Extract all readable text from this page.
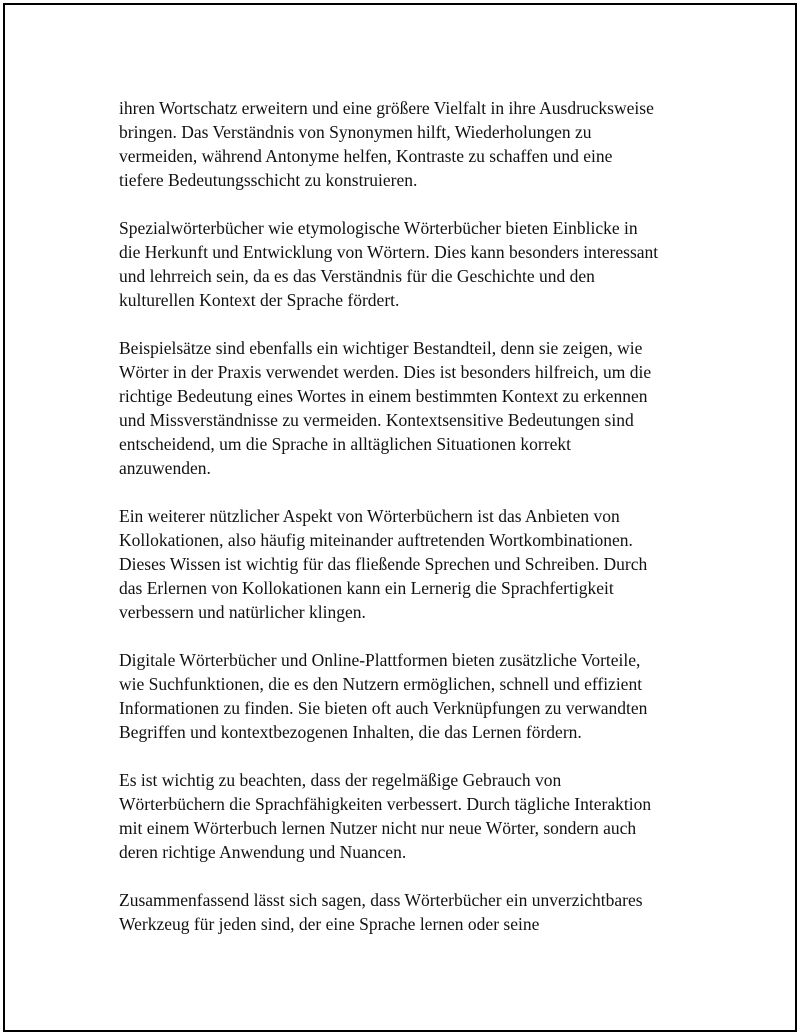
ihren Wortschatz erweitern und eine größere Vielfalt in ihre Ausdrucksweise
bringen. Das Verständnis von Synonymen hilft, Wiederholungen zu
vermeiden, während Antonyme helfen, Kontraste zu schaffen und eine
tiefere Bedeutungsschicht zu konstruieren.

Spezialwörterbücher wie etymologische Wörterbücher bieten Einblicke in
die Herkunft und Entwicklung von Wörtern. Dies kann besonders interessant
und lehrreich sein, da es das Verständnis für die Geschichte und den
kulturellen Kontext der Sprache fördert.

Beispielsätze sind ebenfalls ein wichtiger Bestandteil, denn sie zeigen, wie
Wörter in der Praxis verwendet werden. Dies ist besonders hilfreich, um die
richtige Bedeutung eines Wortes in einem bestimmten Kontext zu erkennen
und Missverständnisse zu vermeiden. Kontextsensitive Bedeutungen sind
entscheidend, um die Sprache in alltäglichen Situationen korrekt
anzuwenden.

Ein weiterer nützlicher Aspekt von Wörterbüchern ist das Anbieten von
Kollokationen, also häufig miteinander auftretenden Wortkombinationen.
Dieses Wissen ist wichtig für das fließende Sprechen und Schreiben. Durch
das Erlernen von Kollokationen kann ein Lernerig die Sprachfertigkeit
verbessern und natürlicher klingen.

Digitale Wörterbücher und Online-Plattformen bieten zusätzliche Vorteile,
wie Suchfunktionen, die es den Nutzern ermöglichen, schnell und effizient
Informationen zu finden. Sie bieten oft auch Verknüpfungen zu verwandten
Begriffen und kontextbezogenen Inhalten, die das Lernen fördern.

Es ist wichtig zu beachten, dass der regelmäßige Gebrauch von
Wörterbüchern die Sprachfähigkeiten verbessert. Durch tägliche Interaktion
mit einem Wörterbuch lernen Nutzer nicht nur neue Wörter, sondern auch
deren richtige Anwendung und Nuancen.

Zusammenfassend lässt sich sagen, dass Wörterbücher ein unverzichtbares
Werkzeug für jeden sind, der eine Sprache lernen oder seine
